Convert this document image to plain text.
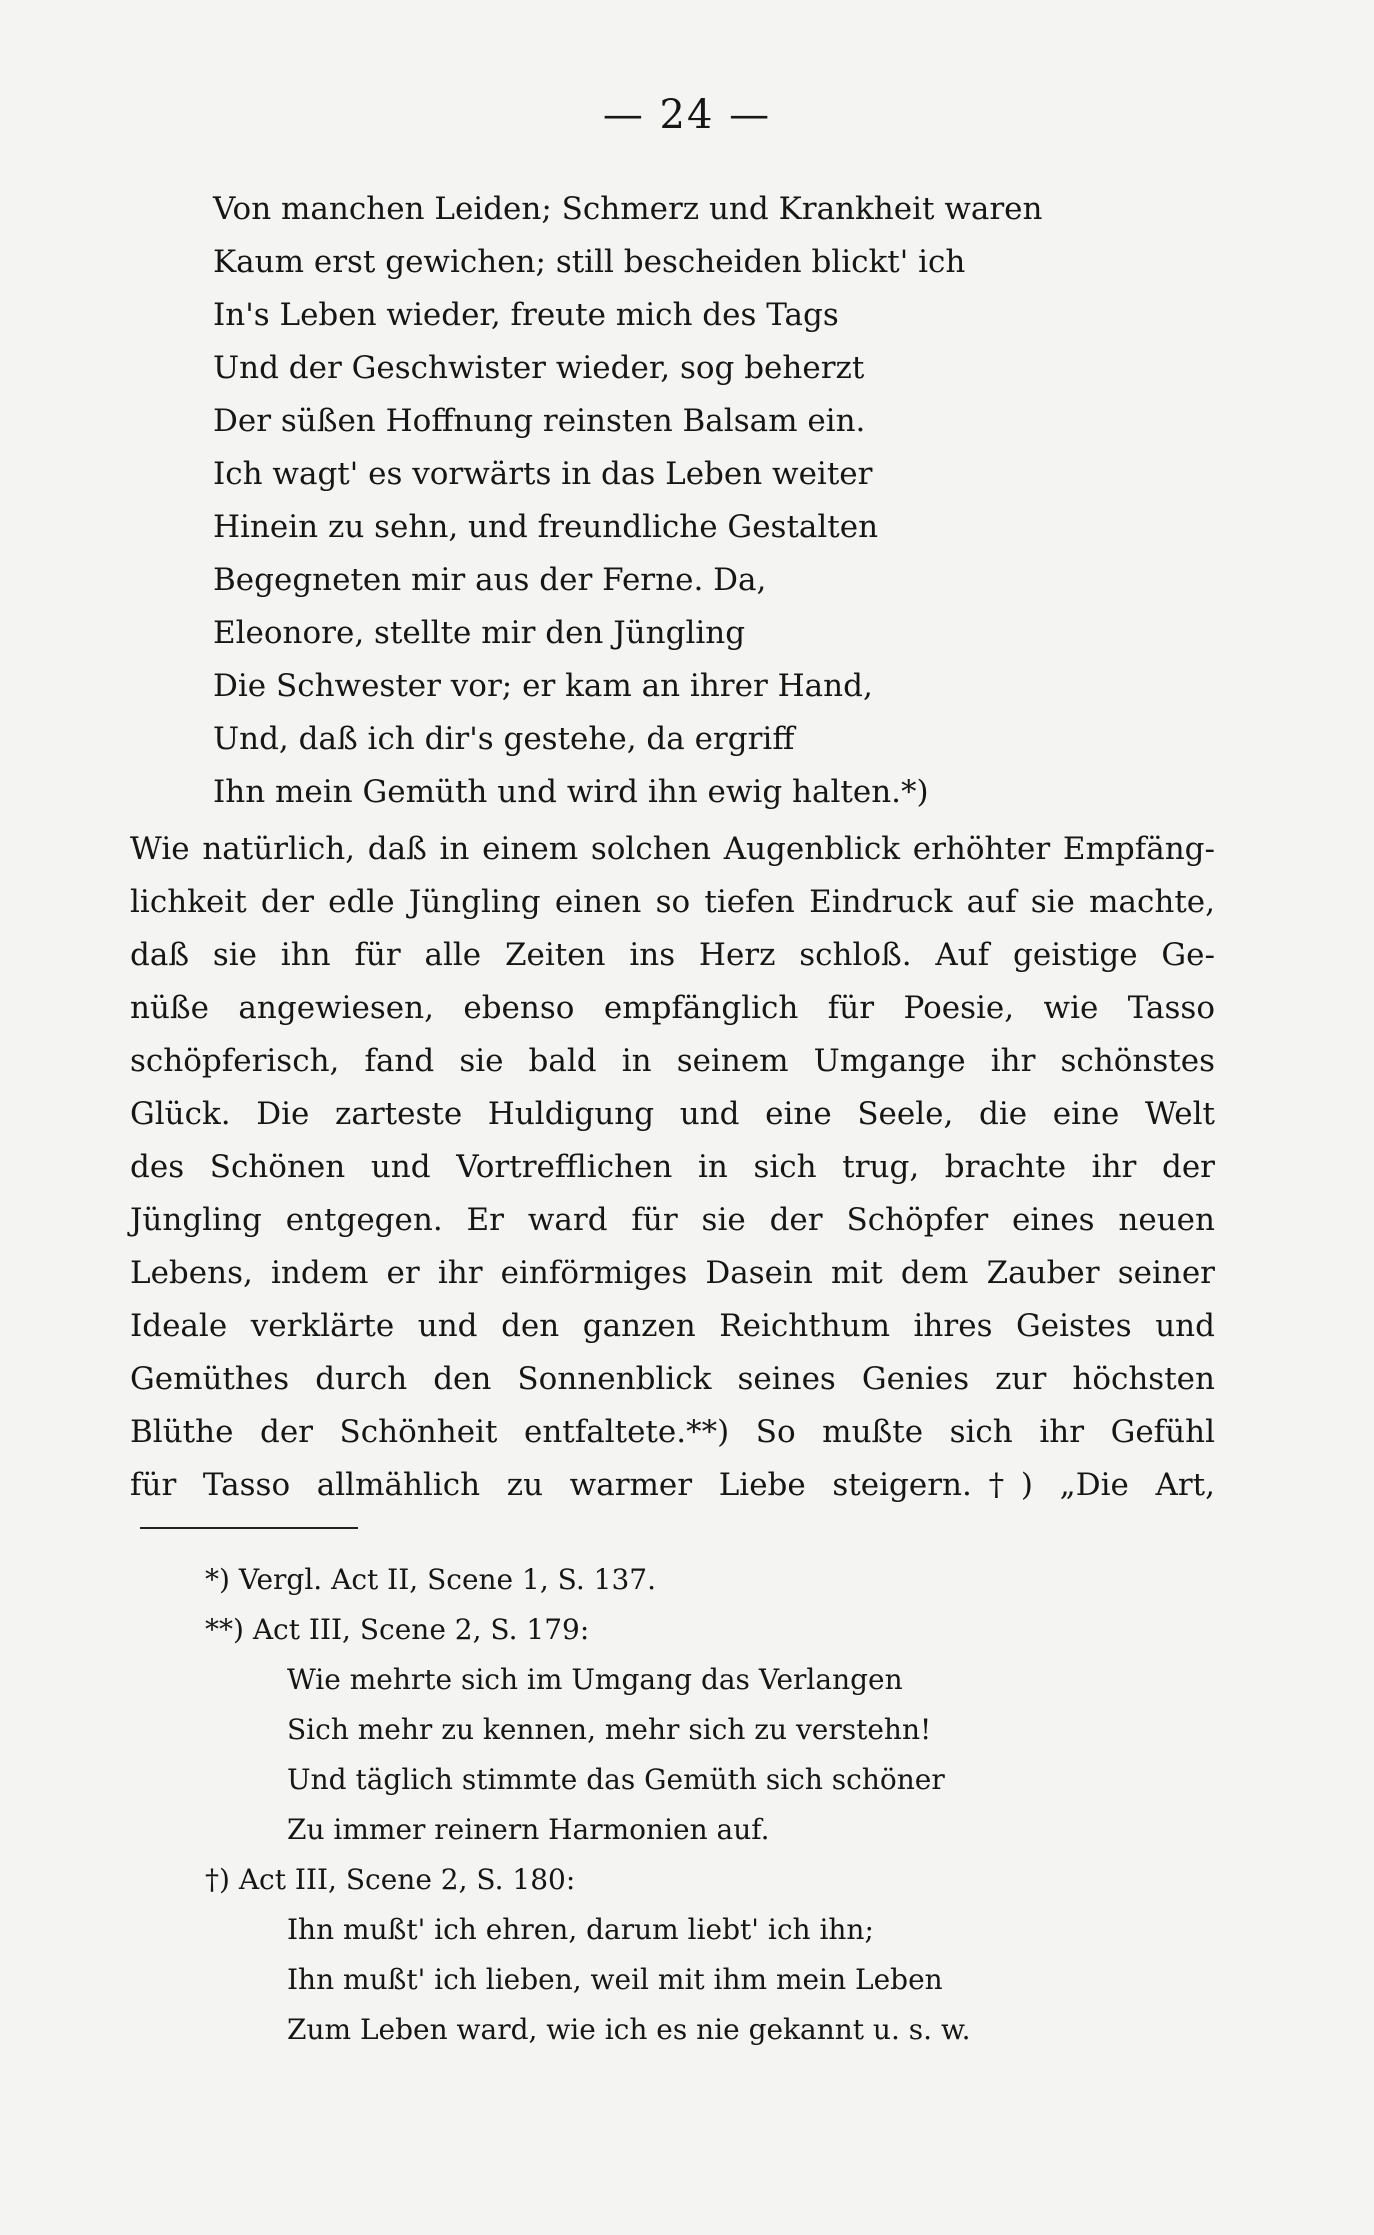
— 24 —
Von manchen Leiden; Schmerz und Krankheit waren
Kaum erst gewichen; still bescheiden blickt' ich
In's Leben wieder, freute mich des Tags
Und der Geschwister wieder, sog beherzt
Der süßen Hoffnung reinsten Balsam ein.
Ich wagt' es vorwärts in das Leben weiter
Hinein zu sehn, und freundliche Gestalten
Begegneten mir aus der Ferne. Da,
Eleonore, stellte mir den Jüngling
Die Schwester vor; er kam an ihrer Hand,
Und, daß ich dir's gestehe, da ergriff
Ihn mein Gemüth und wird ihn ewig halten.*)
Wie natürlich, daß in einem solchen Augenblick erhöhter Empfäng-
lichkeit der edle Jüngling einen so tiefen Eindruck auf sie machte,
daß sie ihn für alle Zeiten ins Herz schloß. Auf geistige Ge-
nüße angewiesen, ebenso empfänglich für Poesie, wie Tasso
schöpferisch, fand sie bald in seinem Umgange ihr schönstes
Glück. Die zarteste Huldigung und eine Seele, die eine Welt
des Schönen und Vortrefflichen in sich trug, brachte ihr der
Jüngling entgegen. Er ward für sie der Schöpfer eines neuen
Lebens, indem er ihr einförmiges Dasein mit dem Zauber seiner
Ideale verklärte und den ganzen Reichthum ihres Geistes und
Gemüthes durch den Sonnenblick seines Genies zur höchsten
Blüthe der Schönheit entfaltete.**) So mußte sich ihr Gefühl
für Tasso allmählich zu warmer Liebe steigern.†) „Die Art,
*) Vergl. Act II, Scene 1, S. 137.
**) Act III, Scene 2, S. 179:
Wie mehrte sich im Umgang das Verlangen
Sich mehr zu kennen, mehr sich zu verstehn!
Und täglich stimmte das Gemüth sich schöner
Zu immer reinern Harmonien auf.
†) Act III, Scene 2, S. 180:
Ihn mußt' ich ehren, darum liebt' ich ihn;
Ihn mußt' ich lieben, weil mit ihm mein Leben
Zum Leben ward, wie ich es nie gekannt u. s. w.
